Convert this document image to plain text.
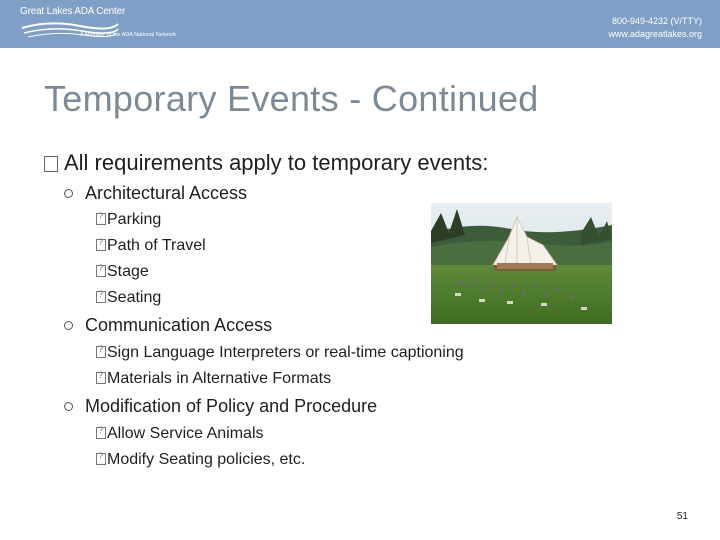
Great Lakes ADA Center
A Member of the ADA National Network
800-949-4232 (V/TTY)
www.adagreatlakes.org
Temporary Events - Continued
All requirements apply to temporary events:
Architectural Access
?Parking
?Path of Travel
?Stage
?Seating
Communication Access
?Sign Language Interpreters or real-time captioning
?Materials in Alternative Formats
Modification of Policy and Procedure
?Allow Service Animals
?Modify Seating policies, etc.
51
